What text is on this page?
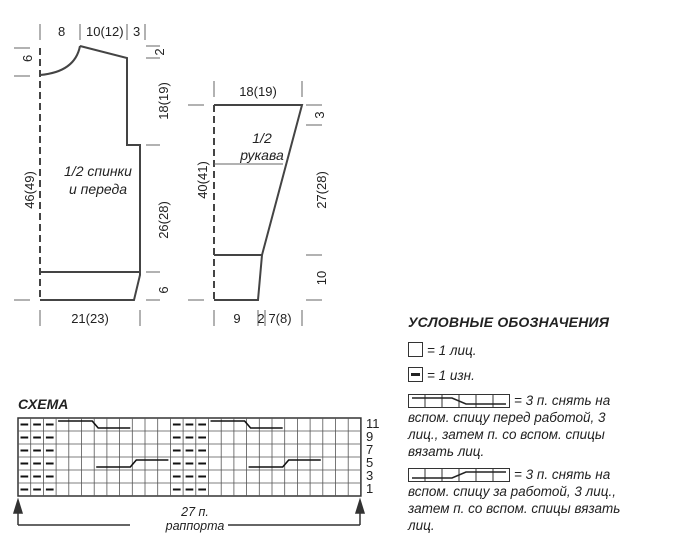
8 10(12) 3
6
46(49)
2
18(19)
26(28)
6
21(23)
1/2 спинки
и переда
18(19)
40(41)
3
27(28)
10
9 2 7(8)
1/2
рукава
11
9
7
5
3
1
СХЕМА
27 п.
раппорта
УСЛОВНЫЕ ОБОЗНАЧЕНИЯ
= 1 лиц.
= 1 изн.
= 3 п. снять на
вспом. спицу перед работой, 3
лиц., затем п. со вспом. спицы
вязать лиц.
= 3 п. снять на
вспом. спицу за работой, 3 лиц.,
затем п. со вспом. спицы вязать
лиц.
